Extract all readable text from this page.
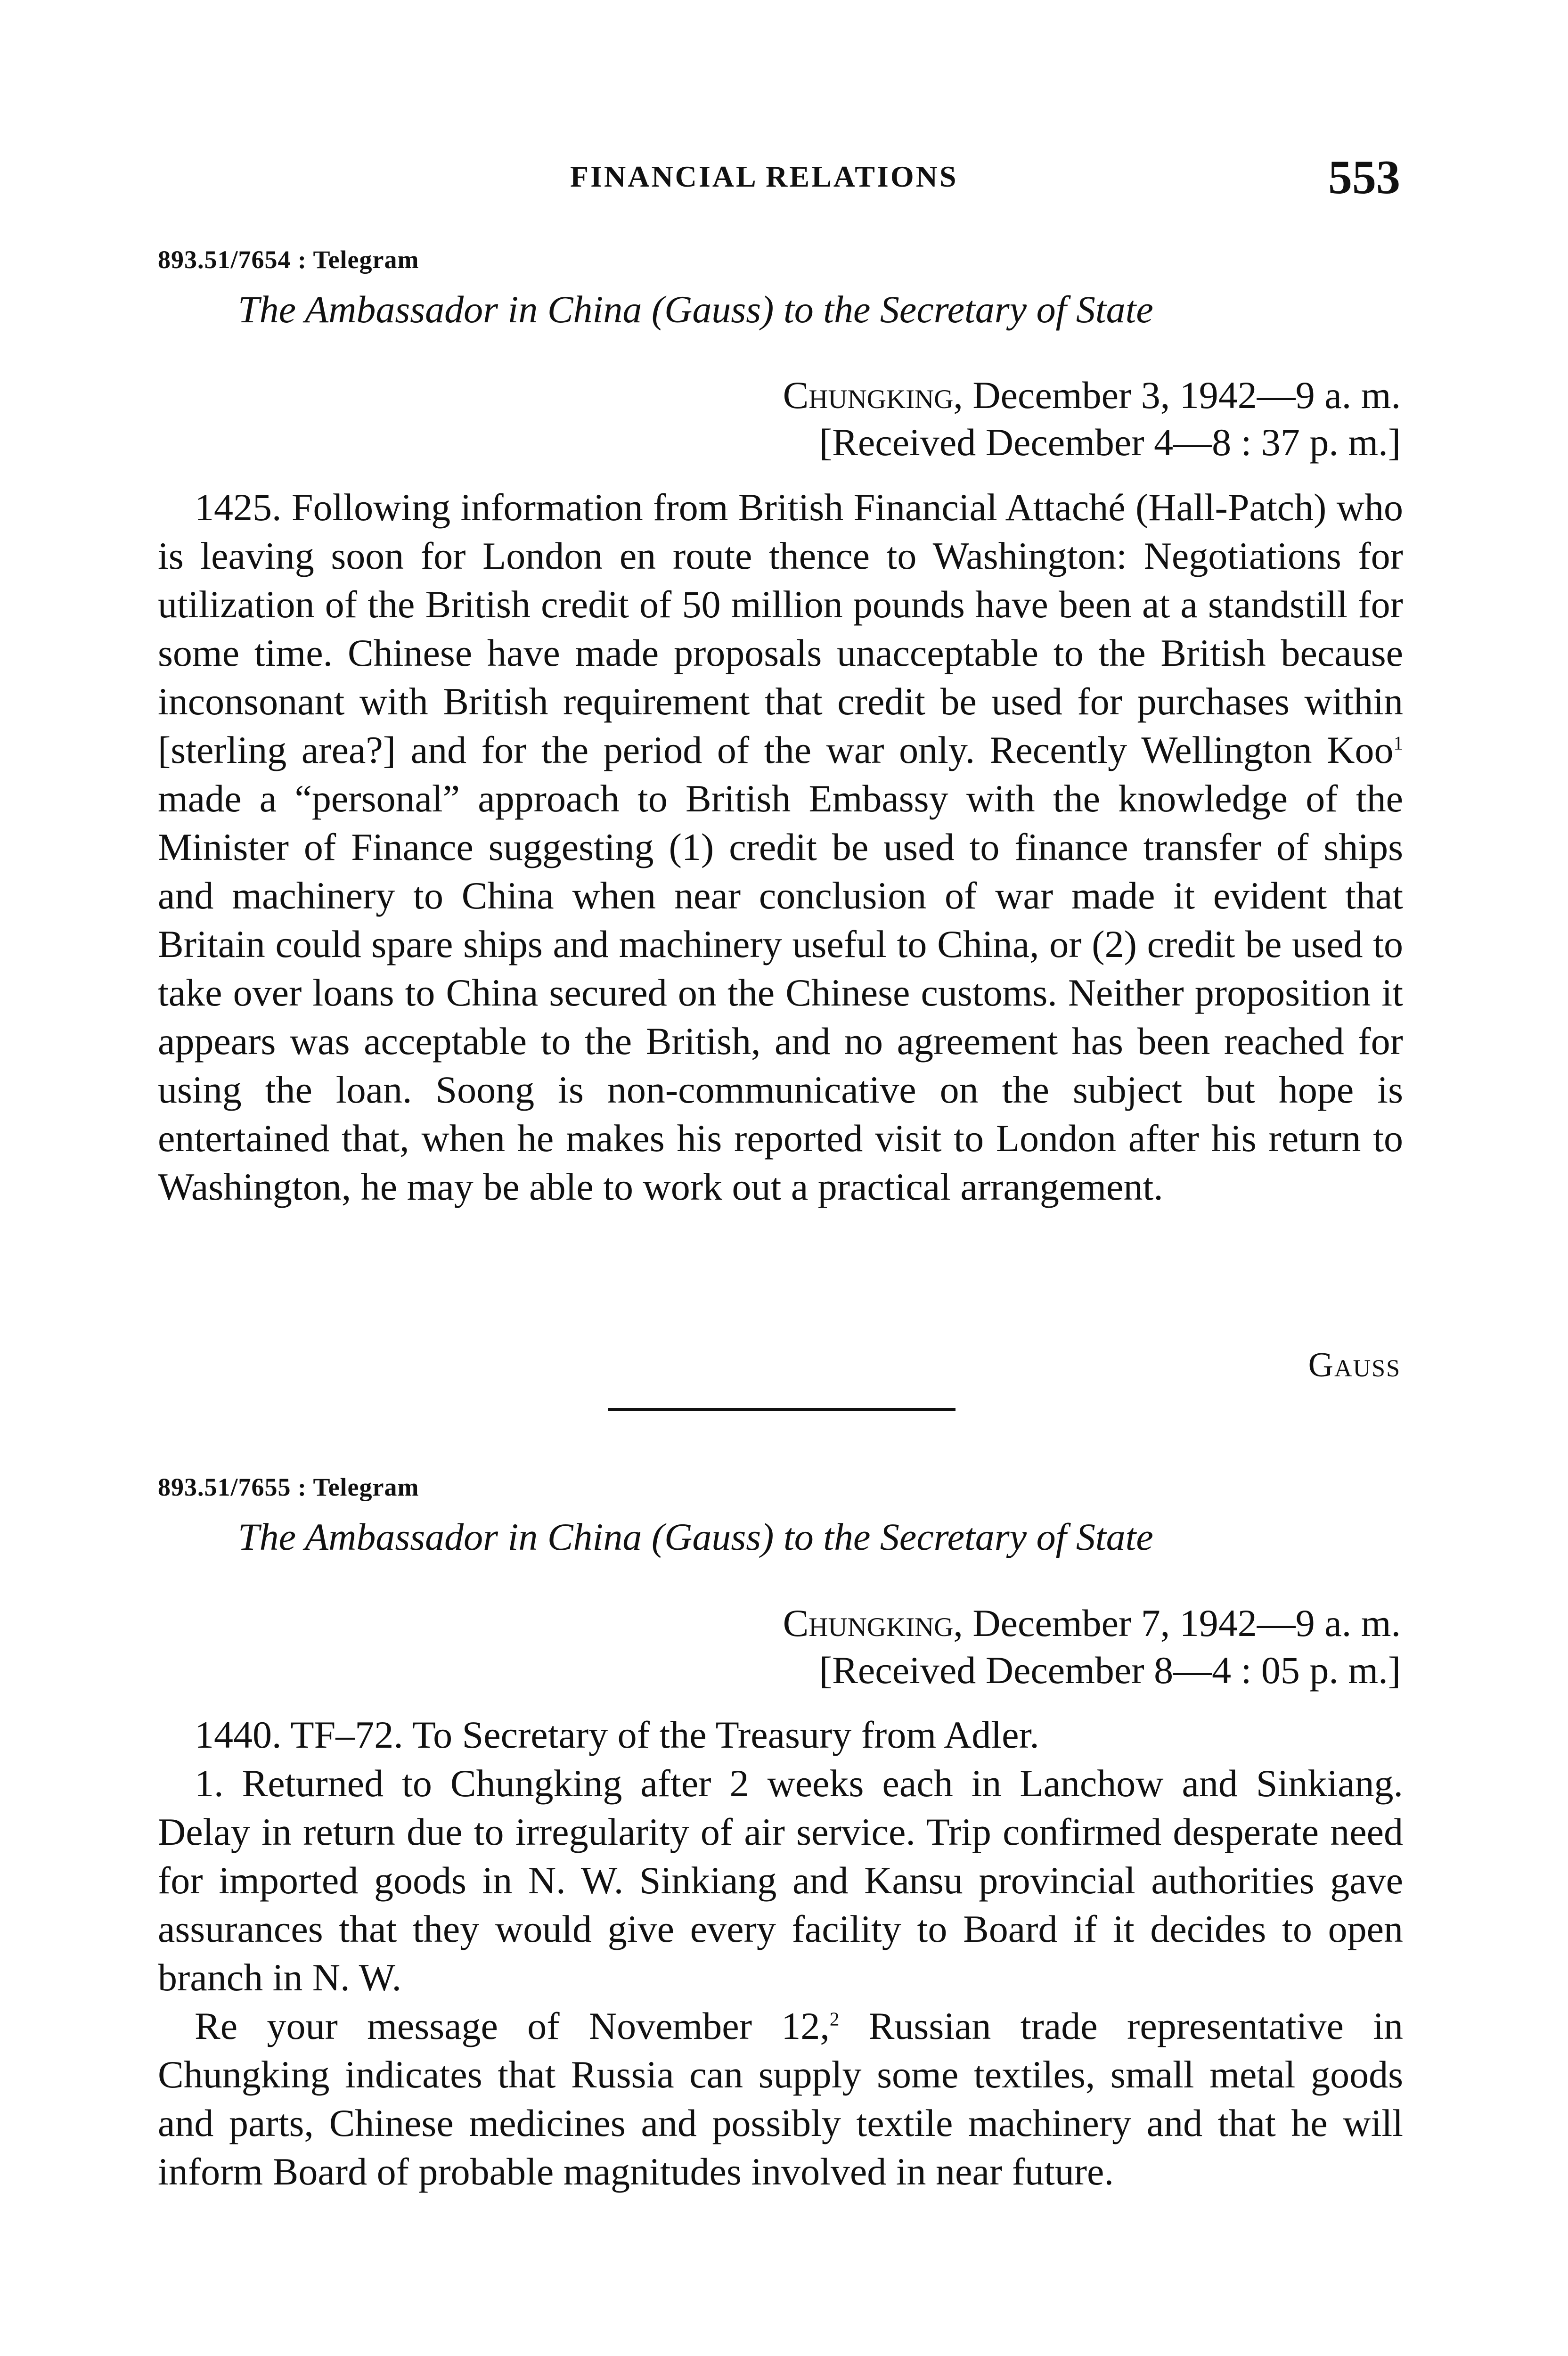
FINANCIAL RELATIONS	553
893.51/7654 : Telegram
The Ambassador in China (Gauss) to the Secretary of State
Chungking, December 3, 1942—9 a. m.
[Received December 4—8 : 37 p. m.]

1425. Following information from British Financial Attaché (Hall-Patch) who is leaving soon for London en route thence to Washington: Negotiations for utilization of the British credit of 50 million pounds have been at a standstill for some time. Chinese have made proposals unacceptable to the British because inconsonant with British requirement that credit be used for purchases within [sterling area?] and for the period of the war only. Recently Wellington Koo$^1$ made a “personal” approach to British Embassy with the knowledge of the Minister of Finance suggesting (1) credit be used to finance transfer of ships and machinery to China when near conclusion of war made it evident that Britain could spare ships and machinery useful to China, or (2) credit be used to take over loans to China secured on the Chinese customs. Neither proposition it appears was acceptable to the British, and no agreement has been reached for using the loan. Soong is non-communicative on the subject but hope is entertained that, when he makes his reported visit to London after his return to Washington, he may be able to work out a practical arrangement.

Gauss
893.51/7655 : Telegram
The Ambassador in China (Gauss) to the Secretary of State
Chungking, December 7, 1942—9 a. m.
[Received December 8—4 : 05 p. m.]

1440. TF–72. To Secretary of the Treasury from Adler.

1. Returned to Chungking after 2 weeks each in Lanchow and Sinkiang. Delay in return due to irregularity of air service. Trip confirmed desperate need for imported goods in N. W. Sinkiang and Kansu provincial authorities gave assurances that they would give every facility to Board if it decides to open branch in N. W.

Re your message of November 12,$^2$ Russian trade representative in Chungking indicates that Russia can supply some textiles, small metal goods and parts, Chinese medicines and possibly textile machinery and that he will inform Board of probable magnitudes involved in near future.
